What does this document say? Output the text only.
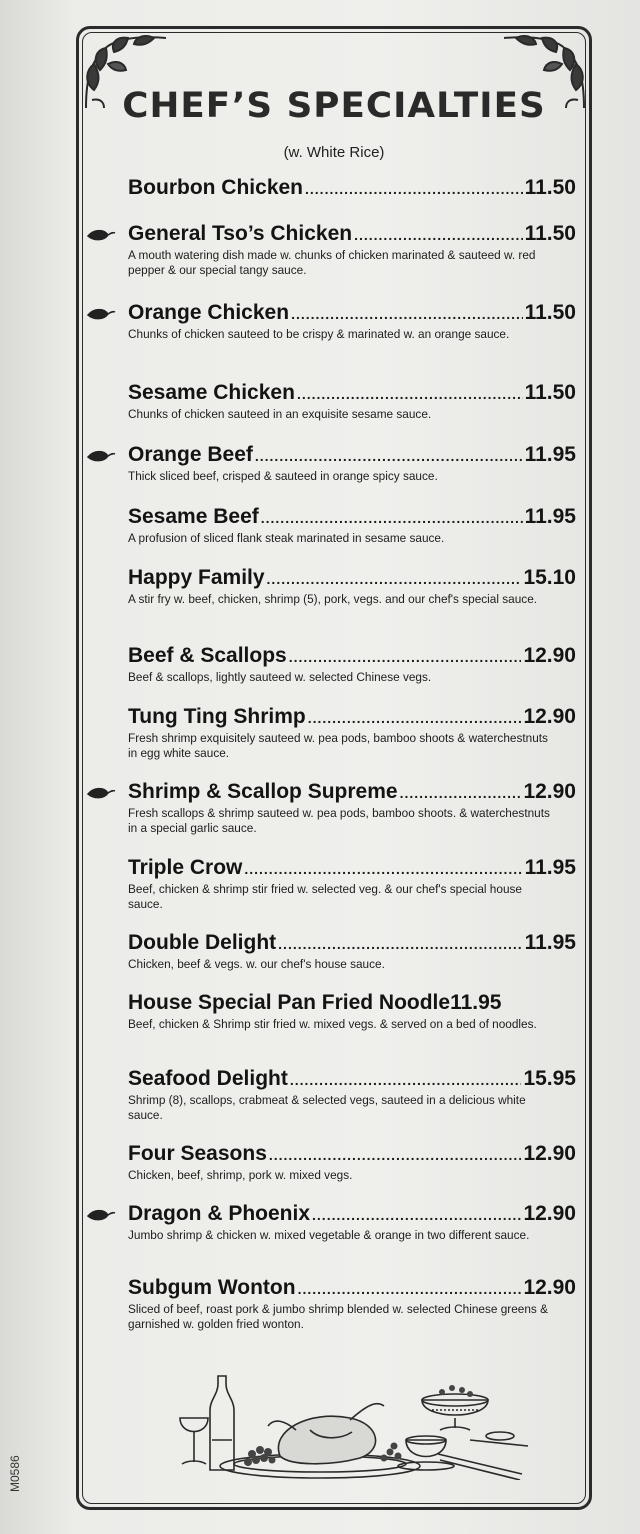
CHEF’S SPECIALTIES
(w. White Rice)
Bourbon Chicken .....	11.50
General Tso’s Chicken .....	11.50
A mouth watering dish made w. chunks of chicken marinated & sauteed w. red pepper & our special tangy sauce.
Orange Chicken .....	11.50
Chunks of chicken sauteed to be crispy & marinated w. an orange sauce.
Sesame Chicken .....	11.50
Chunks of chicken sauteed in an exquisite sesame sauce.
Orange Beef .....	11.95
Thick sliced beef, crisped & sauteed in orange spicy sauce.
Sesame Beef .....	11.95
A profusion of sliced flank steak marinated in sesame sauce.
Happy Family .....	15.10
A stir fry w. beef, chicken, shrimp (5), pork, vegs. and our chef's special sauce.
Beef & Scallops .....	12.90
Beef & scallops, lightly sauteed w. selected Chinese vegs.
Tung Ting Shrimp .....	12.90
Fresh shrimp exquisitely sauteed w. pea pods, bamboo shoots & waterchestnuts in egg white sauce.
Shrimp & Scallop Supreme .....	12.90
Fresh scallops & shrimp sauteed w. pea pods, bamboo shoots. & waterchestnuts in a special garlic sauce.
Triple Crow .....	11.95
Beef, chicken & shrimp stir fried w. selected veg. & our chef's special house sauce.
Double Delight .....	11.95
Chicken, beef & vegs. w. our chef's house sauce.
House Special Pan Fried Noodle 11.95
Beef, chicken & Shrimp stir fried w. mixed vegs. & served on a bed of noodles.
Seafood Delight .....	15.95
Shrimp (8), scallops, crabmeat & selected vegs, sauteed in a delicious white sauce.
Four Seasons .....	12.90
Chicken, beef, shrimp, pork w. mixed vegs.
Dragon & Phoenix .....	12.90
Jumbo shrimp & chicken w. mixed vegetable & orange in two different sauce.
Subgum Wonton .....	12.90
Sliced of beef, roast pork & jumbo shrimp blended w. selected Chinese greens & garnished w. golden fried wonton.
M0586
